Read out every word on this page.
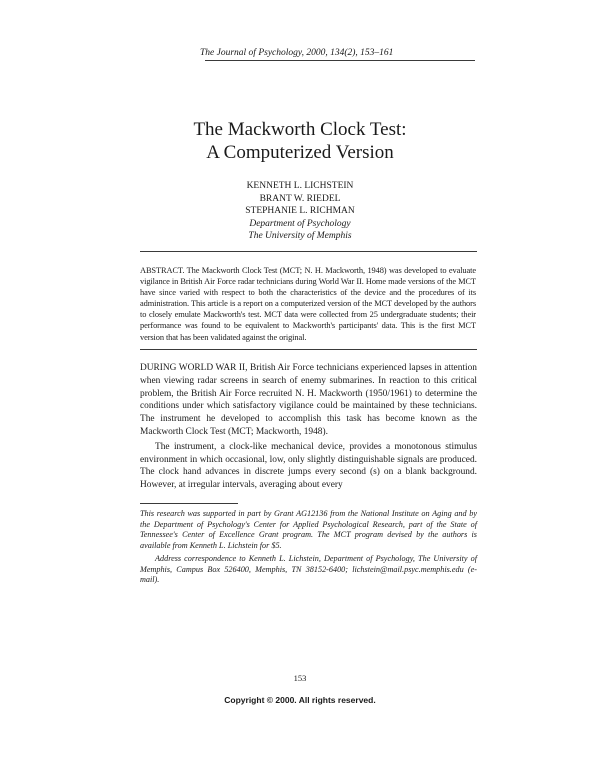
The Journal of Psychology, 2000, 134(2), 153–161
The Mackworth Clock Test:
A Computerized Version
KENNETH L. LICHSTEIN
BRANT W. RIEDEL
STEPHANIE L. RICHMAN
Department of Psychology
The University of Memphis
ABSTRACT. The Mackworth Clock Test (MCT; N. H. Mackworth, 1948) was developed to evaluate vigilance in British Air Force radar technicians during World War II. Home made versions of the MCT have since varied with respect to both the characteristics of the device and the procedures of its administration. This article is a report on a computerized version of the MCT developed by the authors to closely emulate Mackworth's test. MCT data were collected from 25 undergraduate students; their performance was found to be equivalent to Mackworth's participants' data. This is the first MCT version that has been validated against the original.

DURING WORLD WAR II, British Air Force technicians experienced lapses in attention when viewing radar screens in search of enemy submarines. In reaction to this critical problem, the British Air Force recruited N. H. Mackworth (1950/1961) to determine the conditions under which satisfactory vigilance could be maintained by these technicians. The instrument he developed to accomplish this task has become known as the Mackworth Clock Test (MCT; Mackworth, 1948).

The instrument, a clock-like mechanical device, provides a monotonous stimulus environment in which occasional, low, only slightly distinguishable signals are produced. The clock hand advances in discrete jumps every second (s) on a blank background. However, at irregular intervals, averaging about every

This research was supported in part by Grant AG12136 from the National Institute on Aging and by the Department of Psychology's Center for Applied Psychological Research, part of the State of Tennessee's Center of Excellence Grant program. The MCT program devised by the authors is available from Kenneth L. Lichstein for $5.

Address correspondence to Kenneth L. Lichstein, Department of Psychology, The University of Memphis, Campus Box 526400, Memphis, TN 38152-6400; lichstein@mail.psyc.memphis.edu (e-mail).

153
Copyright © 2000. All rights reserved.
